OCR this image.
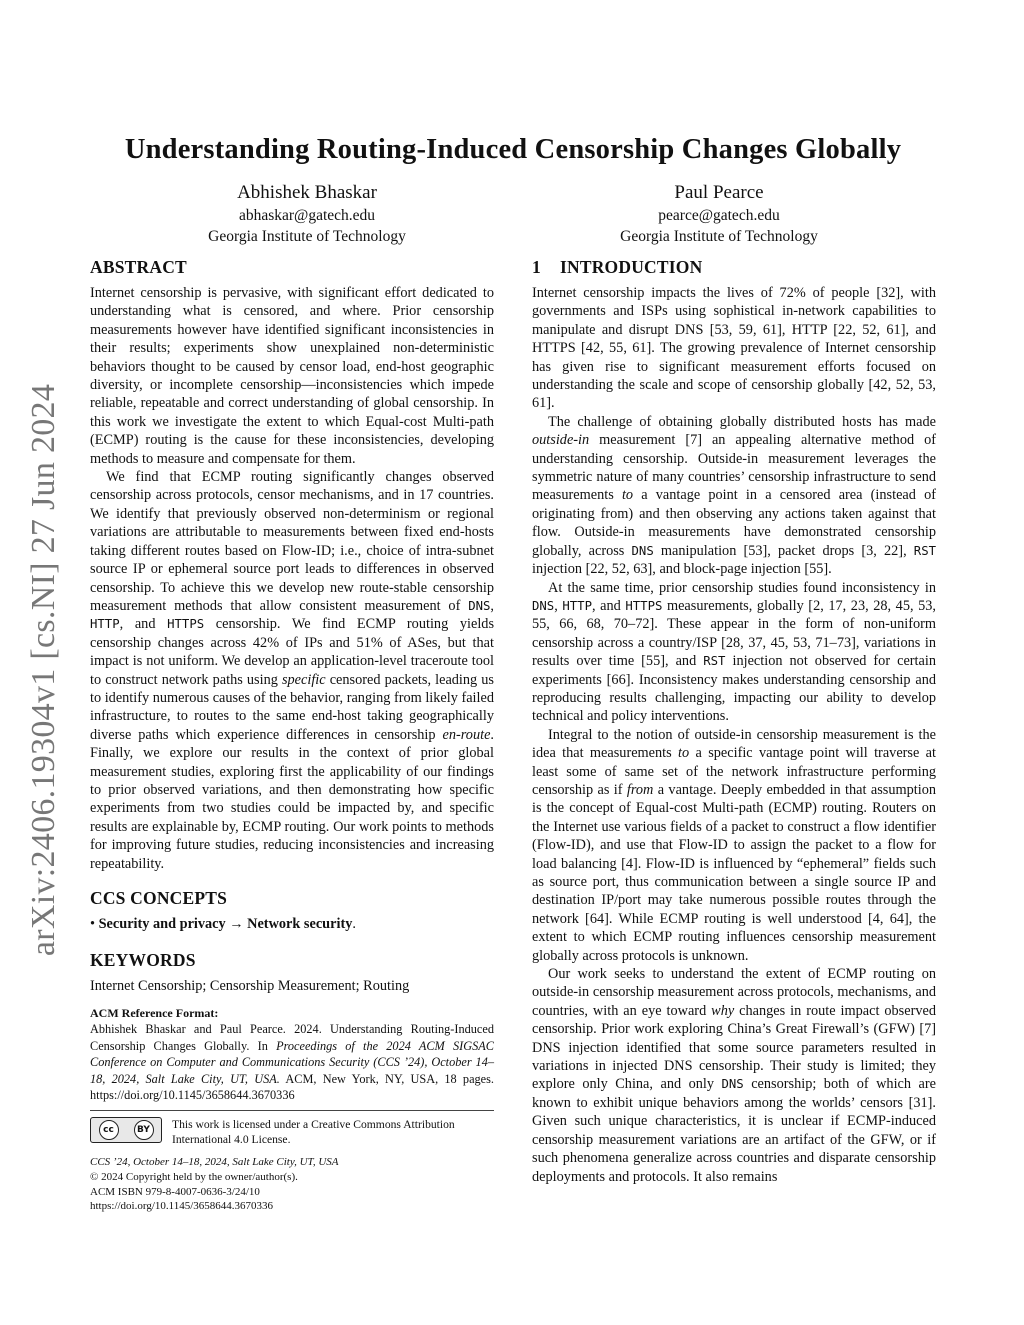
arXiv:2406.19304v1 [cs.NI] 27 Jun 2024
Understanding Routing-Induced Censorship Changes Globally
Abhishek Bhaskar
abhaskar@gatech.edu
Georgia Institute of Technology
Paul Pearce
pearce@gatech.edu
Georgia Institute of Technology
ABSTRACT

Internet censorship is pervasive, with significant effort dedicated to understanding what is censored, and where. Prior censorship measurements however have identified significant inconsistencies in their results; experiments show unexplained non-deterministic behaviors thought to be caused by censor load, end-host geographic diversity, or incomplete censorship—inconsistencies which impede reliable, repeatable and correct understanding of global censorship. In this work we investigate the extent to which Equal-cost Multi-path (ECMP) routing is the cause for these inconsistencies, developing methods to measure and compensate for them.

We find that ECMP routing significantly changes observed censorship across protocols, censor mechanisms, and in 17 countries. We identify that previously observed non-determinism or regional variations are attributable to measurements between fixed end-hosts taking different routes based on Flow-ID; i.e., choice of intra-subnet source IP or ephemeral source port leads to differences in observed censorship. To achieve this we develop new route-stable censorship measurement methods that allow consistent measurement of DNS, HTTP, and HTTPS censorship. We find ECMP routing yields censorship changes across 42% of IPs and 51% of ASes, but that impact is not uniform. We develop an application-level traceroute tool to construct network paths using specific censored packets, leading us to identify numerous causes of the behavior, ranging from likely failed infrastructure, to routes to the same end-host taking geographically diverse paths which experience differences in censorship en-route. Finally, we explore our results in the context of prior global measurement studies, exploring first the applicability of our findings to prior observed variations, and then demonstrating how specific experiments from two studies could be impacted by, and specific results are explainable by, ECMP routing. Our work points to methods for improving future studies, reducing inconsistencies and increasing repeatability.

CCS CONCEPTS

• Security and privacy → Network security.

KEYWORDS

Internet Censorship; Censorship Measurement; Routing

ACM Reference Format:

Abhishek Bhaskar and Paul Pearce. 2024. Understanding Routing-Induced Censorship Changes Globally. In Proceedings of the 2024 ACM SIGSAC Conference on Computer and Communications Security (CCS ’24), October 14–18, 2024, Salt Lake City, UT, USA. ACM, New York, NY, USA, 18 pages. https://doi.org/10.1145/3658644.3670336

cc	BY	This work is licensed under a Creative Commons Attribution International 4.0 License.

CCS ’24, October 14–18, 2024, Salt Lake City, UT, USA

© 2024 Copyright held by the owner/author(s).

ACM ISBN 979-8-4007-0636-3/24/10

https://doi.org/10.1145/3658644.3670336

1 INTRODUCTION

Internet censorship impacts the lives of 72% of people [32], with governments and ISPs using sophistical in-network capabilities to manipulate and disrupt DNS [53, 59, 61], HTTP [22, 52, 61], and HTTPS [42, 55, 61]. The growing prevalence of Internet censorship has given rise to significant measurement efforts focused on understanding the scale and scope of censorship globally [42, 52, 53, 61].

The challenge of obtaining globally distributed hosts has made outside-in measurement [7] an appealing alternative method of understanding censorship. Outside-in measurement leverages the symmetric nature of many countries’ censorship infrastructure to send measurements to a vantage point in a censored area (instead of originating from) and then observing any actions taken against that flow. Outside-in measurements have demonstrated censorship globally, across DNS manipulation [53], packet drops [3, 22], RST injection [22, 52, 63], and block-page injection [55].

At the same time, prior censorship studies found inconsistency in DNS, HTTP, and HTTPS measurements, globally [2, 17, 23, 28, 45, 53, 55, 66, 68, 70–72]. These appear in the form of non-uniform censorship across a country/ISP [28, 37, 45, 53, 71–73], variations in results over time [55], and RST injection not observed for certain experiments [66]. Inconsistency makes understanding censorship and reproducing results challenging, impacting our ability to develop technical and policy interventions.

Integral to the notion of outside-in censorship measurement is the idea that measurements to a specific vantage point will traverse at least some of same set of the network infrastructure performing censorship as if from a vantage. Deeply embedded in that assumption is the concept of Equal-cost Multi-path (ECMP) routing. Routers on the Internet use various fields of a packet to construct a flow identifier (Flow-ID), and use that Flow-ID to assign the packet to a flow for load balancing [4]. Flow-ID is influenced by “ephemeral” fields such as source port, thus communication between a single source IP and destination IP/port may take numerous possible routes through the network [64]. While ECMP routing is well understood [4, 64], the extent to which ECMP routing influences censorship measurement globally across protocols is unknown.

Our work seeks to understand the extent of ECMP routing on outside-in censorship measurement across protocols, mechanisms, and countries, with an eye toward why changes in route impact observed censorship. Prior work exploring China’s Great Firewall’s (GFW) [7] DNS injection identified that some source parameters resulted in variations in injected DNS censorship. Their study is limited; they explore only China, and only DNS censorship; both of which are known to exhibit unique behaviors among the worlds’ censors [31]. Given such unique characteristics, it is unclear if ECMP-induced censorship measurement variations are an artifact of the GFW, or if such phenomena generalize across countries and disparate censorship deployments and protocols. It also remains
